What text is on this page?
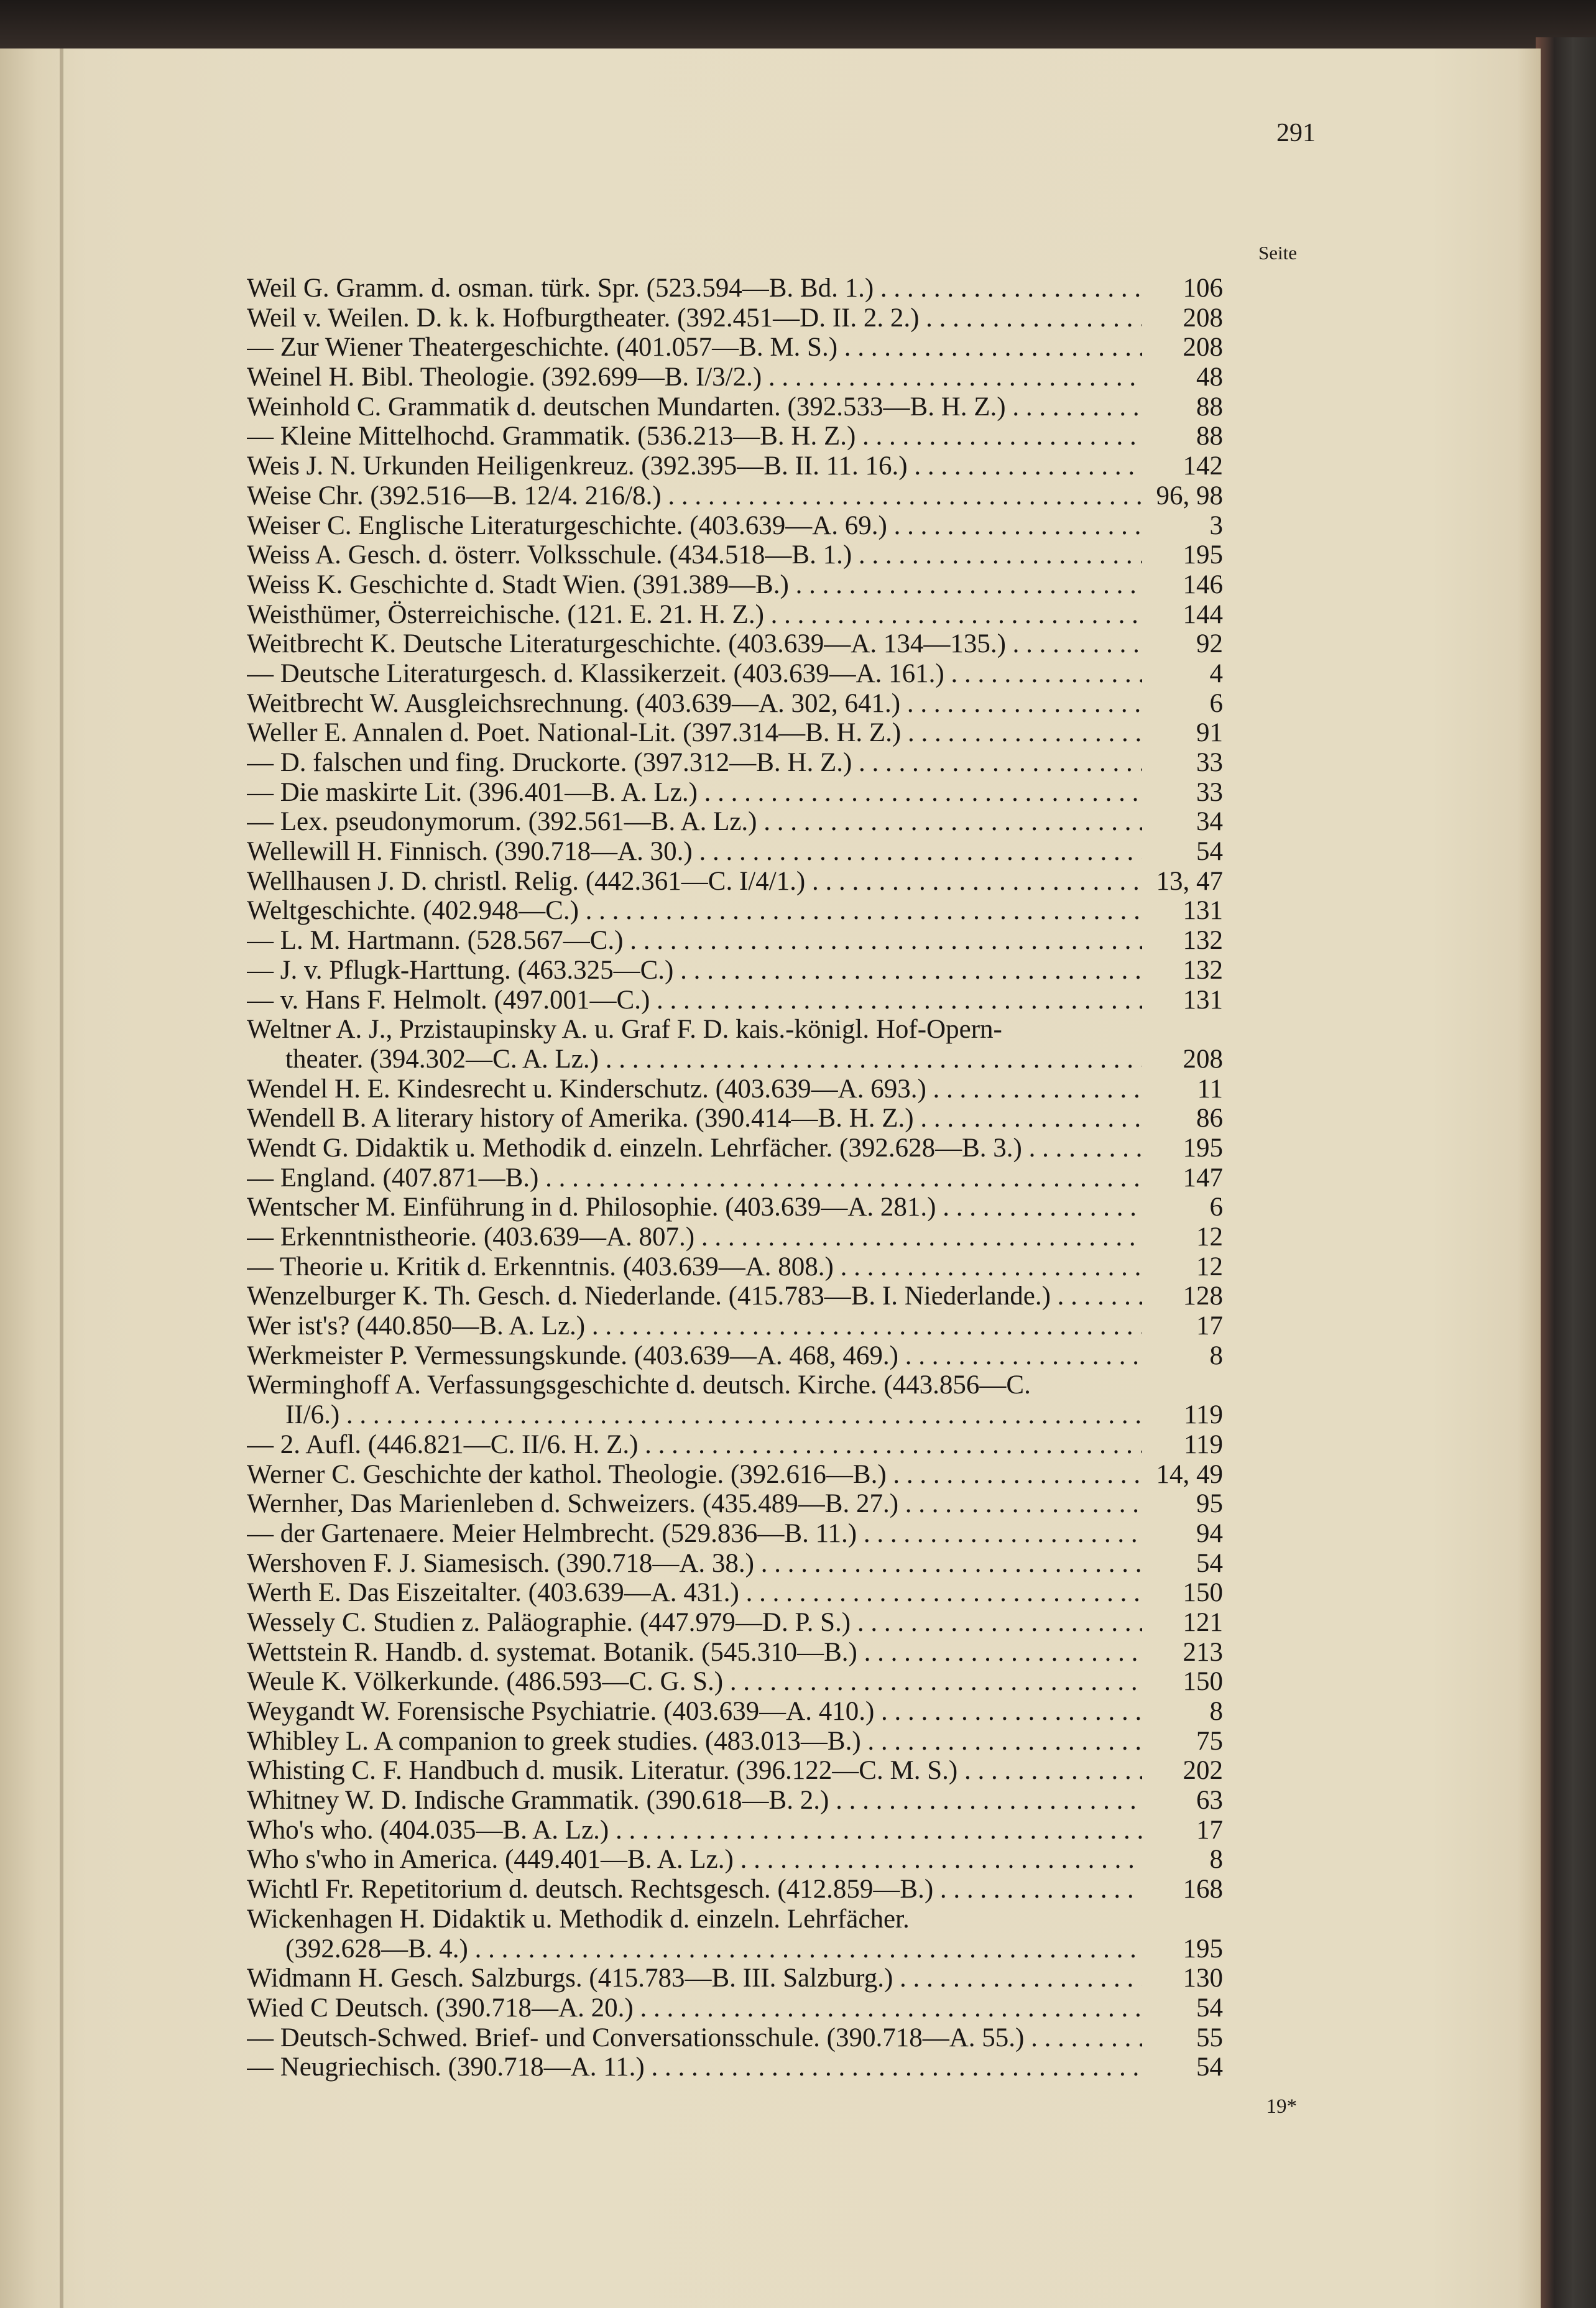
291
Seite
Weil G. Gramm. d. osman. türk. Spr. (523.594—B. Bd. 1.) . . .	106
Weil v. Weilen. D. k. k. Hofburgtheater. (392.451—D. II. 2. 2.) . . .	208
— Zur Wiener Theatergeschichte. (401.057—B. M. S.) . . .	208
Weinel H. Bibl. Theologie. (392.699—B. I/3/2.) . . .	48
Weinhold C. Grammatik d. deutschen Mundarten. (392.533—B. H. Z.) . . .	88
— Kleine Mittelhochd. Grammatik. (536.213—B. H. Z.) . . .	88
Weis J. N. Urkunden Heiligenkreuz. (392.395—B. II. 11. 16.) . . .	142
Weise Chr. (392.516—B. 12/4. 216/8.) . . .	96, 98
Weiser C. Englische Literaturgeschichte. (403.639—A. 69.) . . .	3
Weiss A. Gesch. d. österr. Volksschule. (434.518—B. 1.) . . .	195
Weiss K. Geschichte d. Stadt Wien. (391.389—B.) . . .	146
Weisthümer, Österreichische. (121. E. 21. H. Z.) . . .	144
Weitbrecht K. Deutsche Literaturgeschichte. (403.639—A. 134—135.) . . .	92
— Deutsche Literaturgesch. d. Klassikerzeit. (403.639—A. 161.) . . .	4
Weitbrecht W. Ausgleichsrechnung. (403.639—A. 302, 641.) . . .	6
Weller E. Annalen d. Poet. National-Lit. (397.314—B. H. Z.) . . .	91
— D. falschen und fing. Druckorte. (397.312—B. H. Z.) . . .	33
— Die maskirte Lit. (396.401—B. A. Lz.) . . .	33
— Lex. pseudonymorum. (392.561—B. A. Lz.) . . .	34
Wellewill H. Finnisch. (390.718—A. 30.) . . .	54
Wellhausen J. D. christl. Relig. (442.361—C. I/4/1.) . . .	13, 47
Weltgeschichte. (402.948—C.) . . .	131
— L. M. Hartmann. (528.567—C.) . . .	132
— J. v. Pflugk-Harttung. (463.325—C.) . . .	132
— v. Hans F. Helmolt. (497.001—C.) . . .	131
Weltner A. J., Przistaupinsky A. u. Graf F. D. kais.-königl. Hof-Opern-
theater. (394.302—C. A. Lz.) . . .	208
Wendel H. E. Kindesrecht u. Kinderschutz. (403.639—A. 693.) . . .	11
Wendell B. A literary history of Amerika. (390.414—B. H. Z.) . . .	86
Wendt G. Didaktik u. Methodik d. einzeln. Lehrfächer. (392.628—B. 3.) . . .	195
— England. (407.871—B.) . . .	147
Wentscher M. Einführung in d. Philosophie. (403.639—A. 281.) . . .	6
— Erkenntnistheorie. (403.639—A. 807.) . . .	12
— Theorie u. Kritik d. Erkenntnis. (403.639—A. 808.) . . .	12
Wenzelburger K. Th. Gesch. d. Niederlande. (415.783—B. I. Niederlande.) . . .	128
Wer ist's? (440.850—B. A. Lz.) . . .	17
Werkmeister P. Vermessungskunde. (403.639—A. 468, 469.) . . .	8
Werminghoff A. Verfassungsgeschichte d. deutsch. Kirche. (443.856—C.
II/6.) . . .	119
— 2. Aufl. (446.821—C. II/6. H. Z.) . . .	119
Werner C. Geschichte der kathol. Theologie. (392.616—B.) . . .	14, 49
Wernher, Das Marienleben d. Schweizers. (435.489—B. 27.) . . .	95
— der Gartenaere. Meier Helmbrecht. (529.836—B. 11.) . . .	94
Wershoven F. J. Siamesisch. (390.718—A. 38.) . . .	54
Werth E. Das Eiszeitalter. (403.639—A. 431.) . . .	150
Wessely C. Studien z. Paläographie. (447.979—D. P. S.) . . .	121
Wettstein R. Handb. d. systemat. Botanik. (545.310—B.) . . .	213
Weule K. Völkerkunde. (486.593—C. G. S.) . . .	150
Weygandt W. Forensische Psychiatrie. (403.639—A. 410.) . . .	8
Whibley L. A companion to greek studies. (483.013—B.) . . .	75
Whisting C. F. Handbuch d. musik. Literatur. (396.122—C. M. S.) . . .	202
Whitney W. D. Indische Grammatik. (390.618—B. 2.) . . .	63
Who's who. (404.035—B. A. Lz.) . . .	17
Who s'who in America. (449.401—B. A. Lz.) . . .	8
Wichtl Fr. Repetitorium d. deutsch. Rechtsgesch. (412.859—B.) . . .	168
Wickenhagen H. Didaktik u. Methodik d. einzeln. Lehrfächer.
(392.628—B. 4.) . . .	195
Widmann H. Gesch. Salzburgs. (415.783—B. III. Salzburg.) . . .	130
Wied C Deutsch. (390.718—A. 20.) . . .	54
— Deutsch-Schwed. Brief- und Conversationsschule. (390.718—A. 55.) . . .	55
— Neugriechisch. (390.718—A. 11.) . . .	54
19*
